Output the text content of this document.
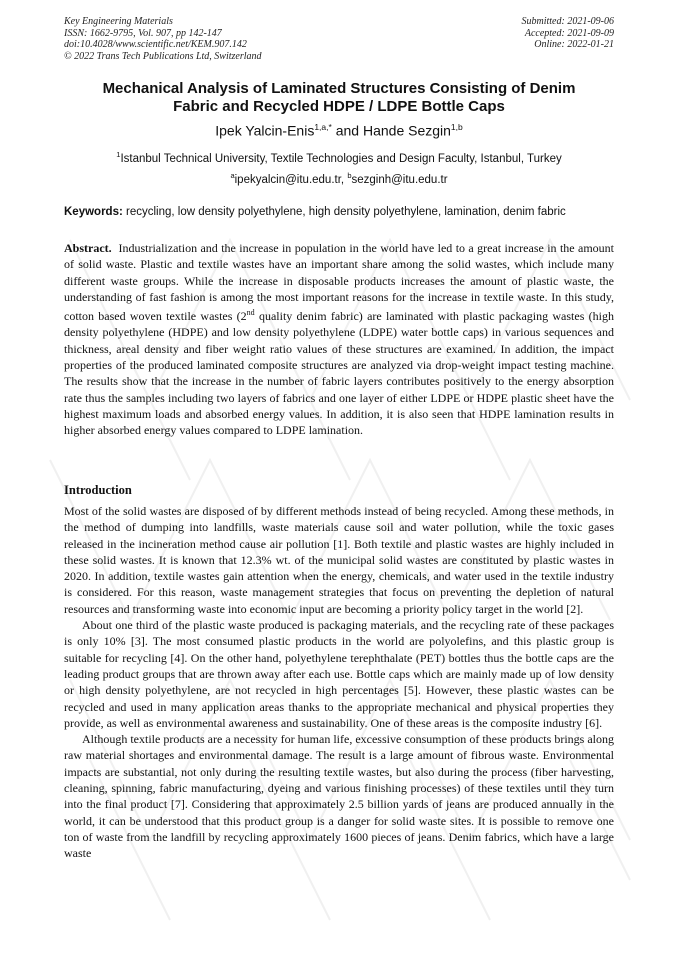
Key Engineering Materials
ISSN: 1662-9795, Vol. 907, pp 142-147
doi:10.4028/www.scientific.net/KEM.907.142
© 2022 Trans Tech Publications Ltd, Switzerland
Submitted: 2021-09-06
Accepted: 2021-09-09
Online: 2022-01-21
Mechanical Analysis of Laminated Structures Consisting of Denim
Fabric and Recycled HDPE / LDPE Bottle Caps
Ipek Yalcin-Enis$^{1,a,*}$ and Hande Sezgin$^{1,b}$
$^1$Istanbul Technical University, Textile Technologies and Design Faculty, Istanbul, Turkey
$^a$ipekyalcin@itu.edu.tr, $^b$sezginh@itu.edu.tr
Keywords: recycling, low density polyethylene, high density polyethylene, lamination, denim fabric
Abstract.  Industrialization and the increase in population in the world have led to a great increase in the amount of solid waste. Plastic and textile wastes have an important share among the solid wastes, which include many different waste groups. While the increase in disposable products increases the amount of plastic waste, the understanding of fast fashion is among the most important reasons for the increase in textile waste. In this study, cotton based woven textile wastes (2nd quality denim fabric) are laminated with plastic packaging wastes (high density polyethylene (HDPE) and low density polyethylene (LDPE) water bottle caps) in various sequences and thickness, areal density and fiber weight ratio values of these structures are examined. In addition, the impact properties of the produced laminated composite structures are analyzed via drop-weight impact testing machine. The results show that the increase in the number of fabric layers contributes positively to the energy absorption rate thus the samples including two layers of fabrics and one layer of either LDPE or HDPE plastic sheet have the highest maximum loads and absorbed energy values. In addition, it is also seen that HDPE lamination results in higher absorbed energy values compared to LDPE lamination.
Introduction

Most of the solid wastes are disposed of by different methods instead of being recycled. Among these methods, in the method of dumping into landfills, waste materials cause soil and water pollution, while the toxic gases released in the incineration method cause air pollution [1]. Both textile and plastic wastes are highly included in these solid wastes. It is known that 12.3% wt. of the municipal solid wastes are constituted by plastic wastes in 2020. In addition, textile wastes gain attention when the energy, chemicals, and water used in the textile industry is considered. For this reason, waste management strategies that focus on preventing the depletion of natural resources and transforming waste into economic input are becoming a priority policy target in the world [2].

About one third of the plastic waste produced is packaging materials, and the recycling rate of these packages is only 10% [3]. The most consumed plastic products in the world are polyolefins, and this plastic group is suitable for recycling [4]. On the other hand, polyethylene terephthalate (PET) bottles thus the bottle caps are the leading product groups that are thrown away after each use. Bottle caps which are mainly made up of low density or high density polyethylene, are not recycled in high percentages [5]. However, these plastic wastes can be recycled and used in many application areas thanks to the appropriate mechanical and physical properties they provide, as well as environmental awareness and sustainability. One of these areas is the composite industry [6].

Although textile products are a necessity for human life, excessive consumption of these products brings along raw material shortages and environmental damage. The result is a large amount of fibrous waste. Environmental impacts are substantial, not only during the resulting textile wastes, but also during the process (fiber harvesting, cleaning, spinning, fabric manufacturing, dyeing and various finishing processes) of these textiles until they turn into the final product [7]. Considering that approximately 2.5 billion yards of jeans are produced annually in the world, it can be understood that this product group is a danger for solid waste sites. It is possible to remove one ton of waste from the landfill by recycling approximately 1600 pieces of jeans. Denim fabrics, which have a large waste
